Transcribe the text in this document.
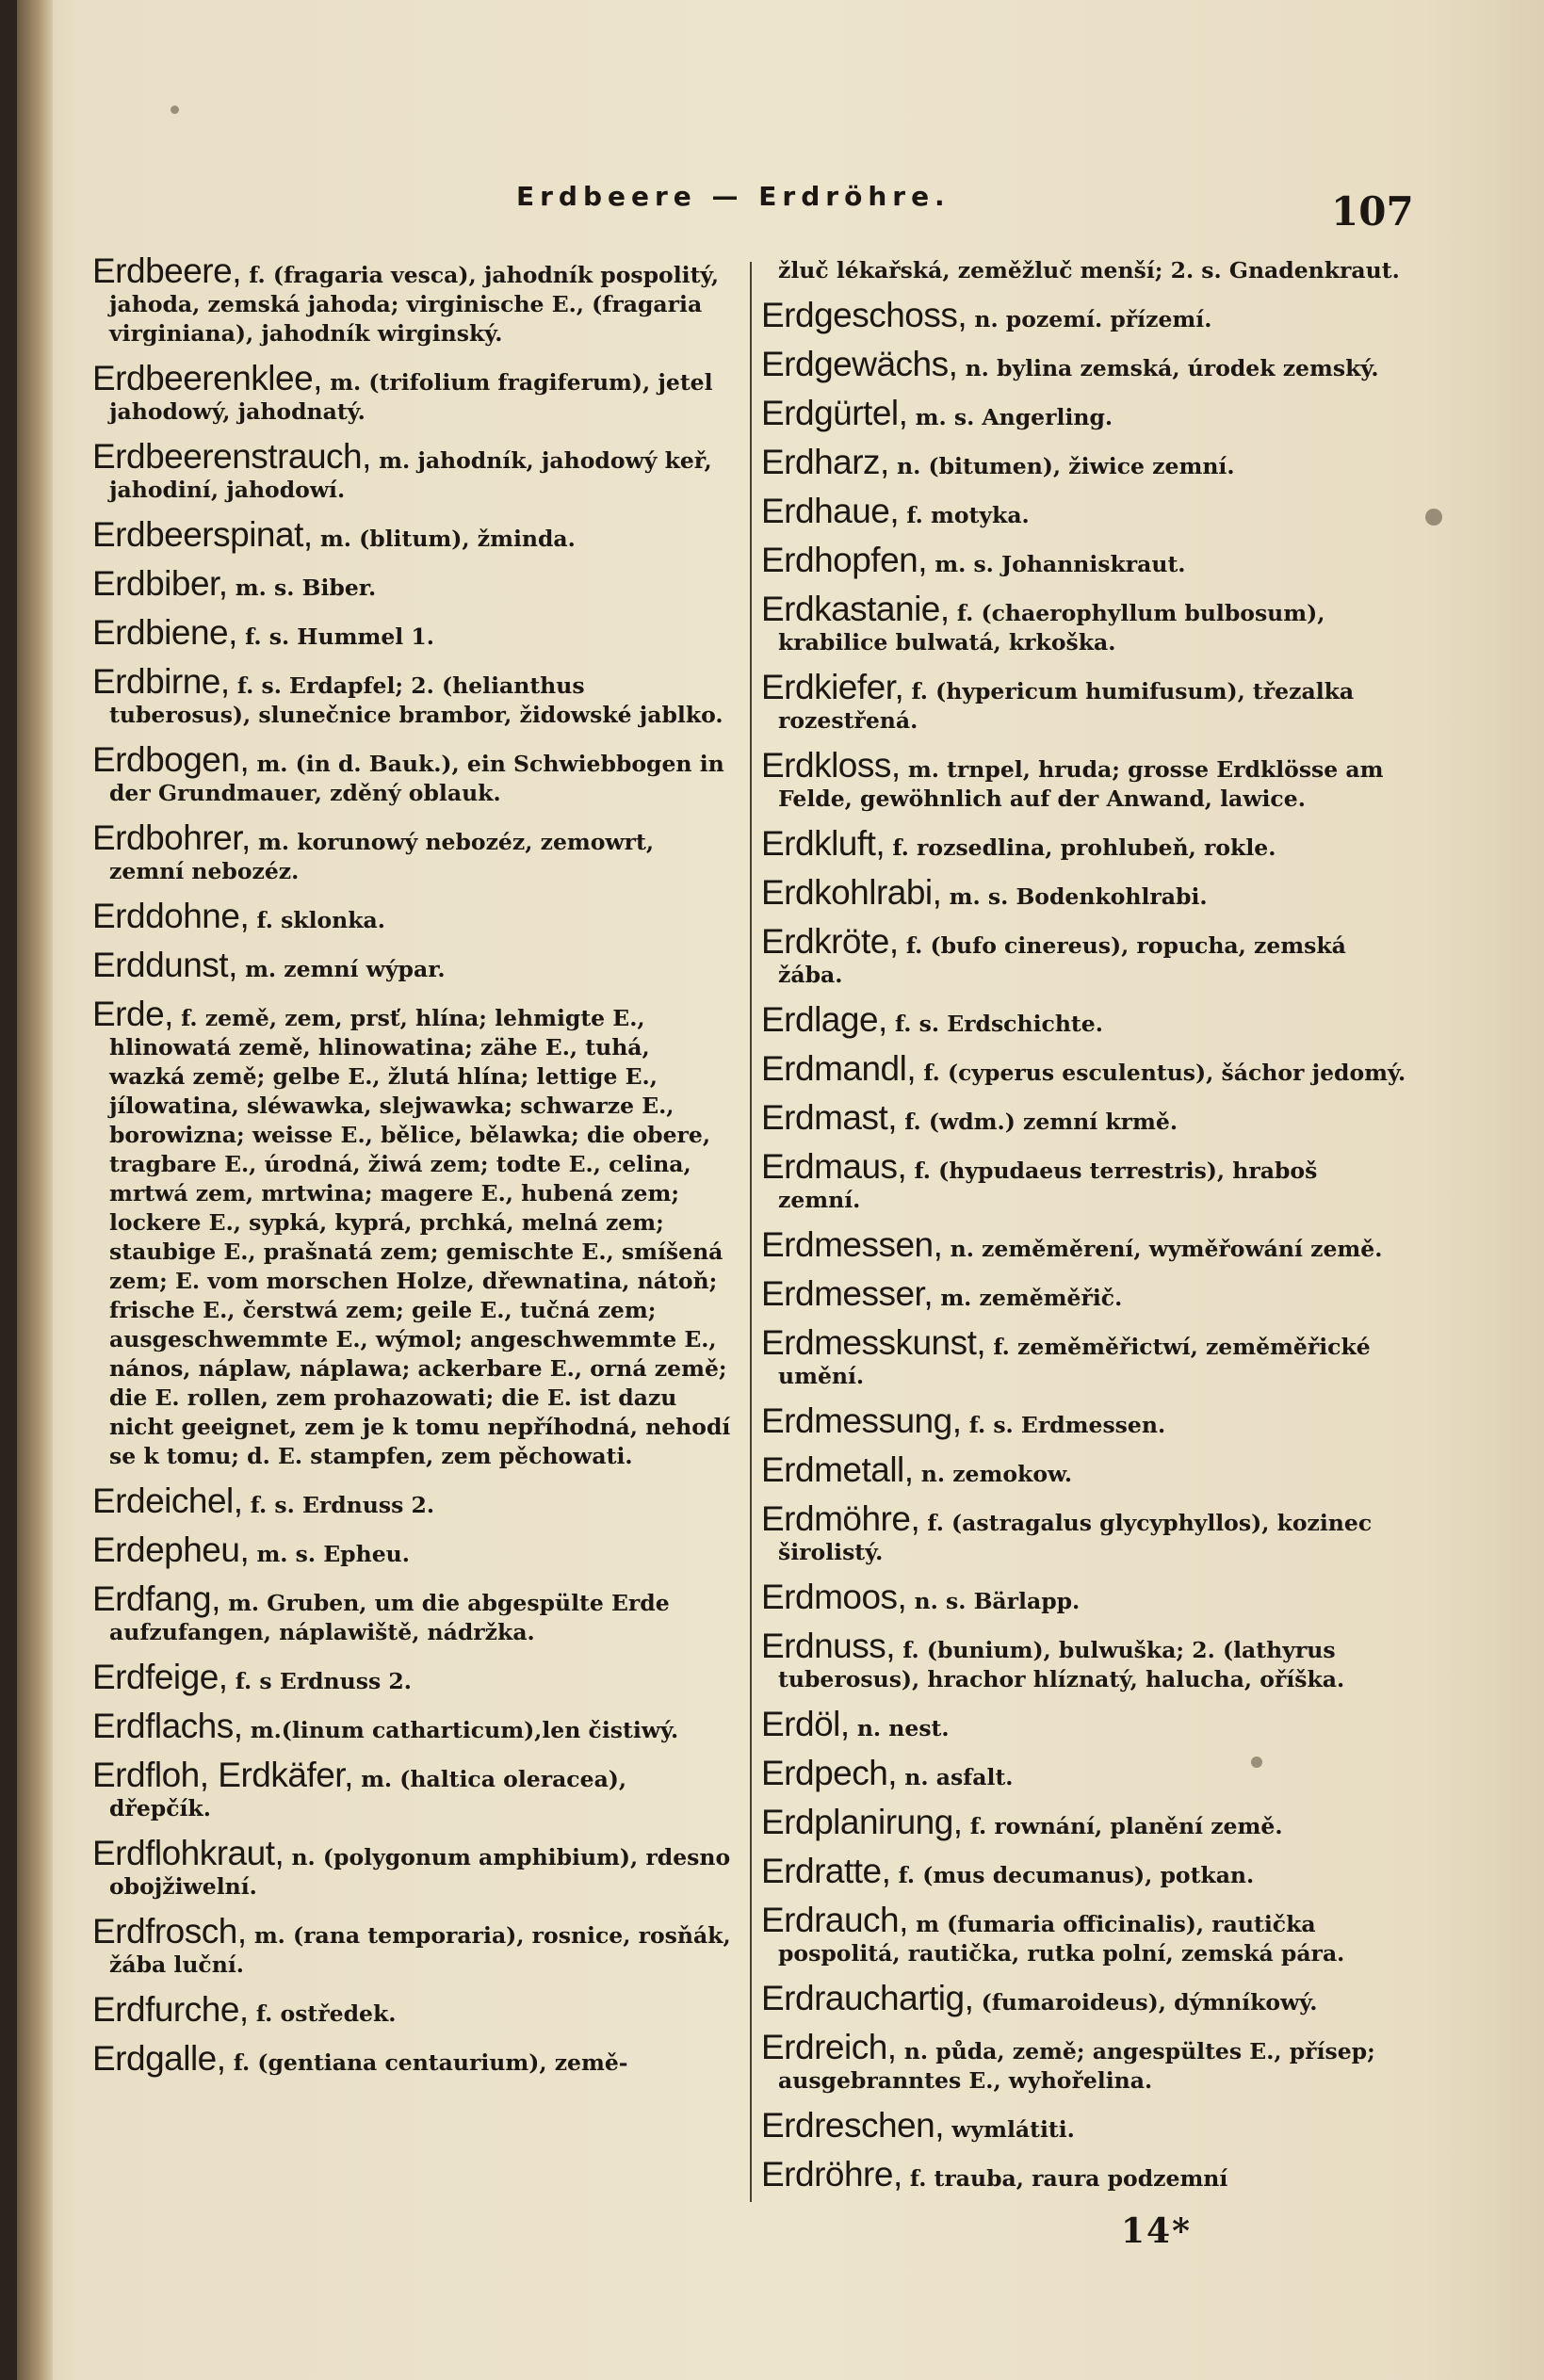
Erdbeere — Erdröhre.	107

Erdbeere, f. (fragaria vesca), jahodník pospolitý, jahoda, zemská jahoda; virginische E., (fragaria virginiana), jahodník wirginský.

Erdbeerenklee, m. (trifolium fragiferum), jetel jahodowý, jahodnatý.

Erdbeerenstrauch, m. jahodník, jahodowý keř, jahodiní, jahodowí.

Erdbeerspinat, m. (blitum), žminda.

Erdbiber, m. s. Biber.

Erdbiene, f. s. Hummel 1.

Erdbirne, f. s. Erdapfel; 2. (helianthus tuberosus), slunečnice brambor, židowské jablko.

Erdbogen, m. (in d. Bauk.), ein Schwiebbogen in der Grundmauer, zděný oblauk.

Erdbohrer, m. korunowý nebozéz, zemowrt, zemní nebozéz.

Erddohne, f. sklonka.

Erddunst, m. zemní wýpar.

Erde, f. země, zem, prsť, hlína; lehmigte E., hlinowatá země, hlinowatina; zähe E., tuhá, wazká země; gelbe E., žlutá hlína; lettige E., jílowatina, sléwawka, slejwawka; schwarze E., borowizna; weisse E., bělice, bělawka; die obere, tragbare E., úrodná, žiwá zem; todte E., celina, mrtwá zem, mrtwina; magere E., hubená zem; lockere E., sypká, kyprá, prchká, melná zem; staubige E., prašnatá zem; gemischte E., smíšená zem; E. vom morschen Holze, dřewnatina, nátoň; frische E., čerstwá zem; geile E., tučná zem; ausgeschwemmte E., wýmol; angeschwemmte E., nános, náplaw, náplawa; ackerbare E., orná země; die E. rollen, zem prohazowati; die E. ist dazu nicht geeignet, zem je k tomu nepříhodná, nehodí se k tomu; d. E. stampfen, zem pěchowati.

Erdeichel, f. s. Erdnuss 2.

Erdepheu, m. s. Epheu.

Erdfang, m. Gruben, um die abgespülte Erde aufzufangen, náplawiště, nádržka.

Erdfeige, f. s Erdnuss 2.

Erdflachs, m.(linum catharticum),len čistiwý.

Erdfloh, Erdkäfer, m. (haltica oleracea), dřepčík.

Erdflohkraut, n. (polygonum amphibium), rdesno obojžiwelní.

Erdfrosch, m. (rana temporaria), rosnice, rosňák, žába luční.

Erdfurche, f. ostředek.

Erdgalle, f. (gentiana centaurium), země-

žluč lékařská, zeměžluč menší; 2. s. Gnadenkraut.

Erdgeschoss, n. pozemí. přízemí.

Erdgewächs, n. bylina zemská, úrodek zemský.

Erdgürtel, m. s. Angerling.

Erdharz, n. (bitumen), žiwice zemní.

Erdhaue, f. motyka.

Erdhopfen, m. s. Johanniskraut.

Erdkastanie, f. (chaerophyllum bulbosum), krabilice bulwatá, krkoška.

Erdkiefer, f. (hypericum humifusum), třezalka rozestřená.

Erdkloss, m. trnpel, hruda; grosse Erdklösse am Felde, gewöhnlich auf der Anwand, lawice.

Erdkluft, f. rozsedlina, prohlubeň, rokle.

Erdkohlrabi, m. s. Bodenkohlrabi.

Erdkröte, f. (bufo cinereus), ropucha, zemská žába.

Erdlage, f. s. Erdschichte.

Erdmandl, f. (cyperus esculentus), šáchor jedomý.

Erdmast, f. (wdm.) zemní krmě.

Erdmaus, f. (hypudaeus terrestris), hraboš zemní.

Erdmessen, n. zeměměrení, wyměřowání země.

Erdmesser, m. zeměměřič.

Erdmesskunst, f. zeměměřictwí, zeměměřické umění.

Erdmessung, f. s. Erdmessen.

Erdmetall, n. zemokow.

Erdmöhre, f. (astragalus glycyphyllos), kozinec širolistý.

Erdmoos, n. s. Bärlapp.

Erdnuss, f. (bunium), bulwuška; 2. (lathyrus tuberosus), hrachor hlíznatý, halucha, oříška.

Erdöl, n. nest.

Erdpech, n. asfalt.

Erdplanirung, f. rownání, planění země.

Erdratte, f. (mus decumanus), potkan.

Erdrauch, m (fumaria officinalis), rautička pospolitá, rautička, rutka polní, zemská pára.

Erdrauchartig, (fumaroideus), dýmníkowý.

Erdreich, n. půda, země; angespültes E., přísep; ausgebranntes E., wyhořelina.

Erdreschen, wymlátiti.

Erdröhre, f. trauba, raura podzemní

14*
